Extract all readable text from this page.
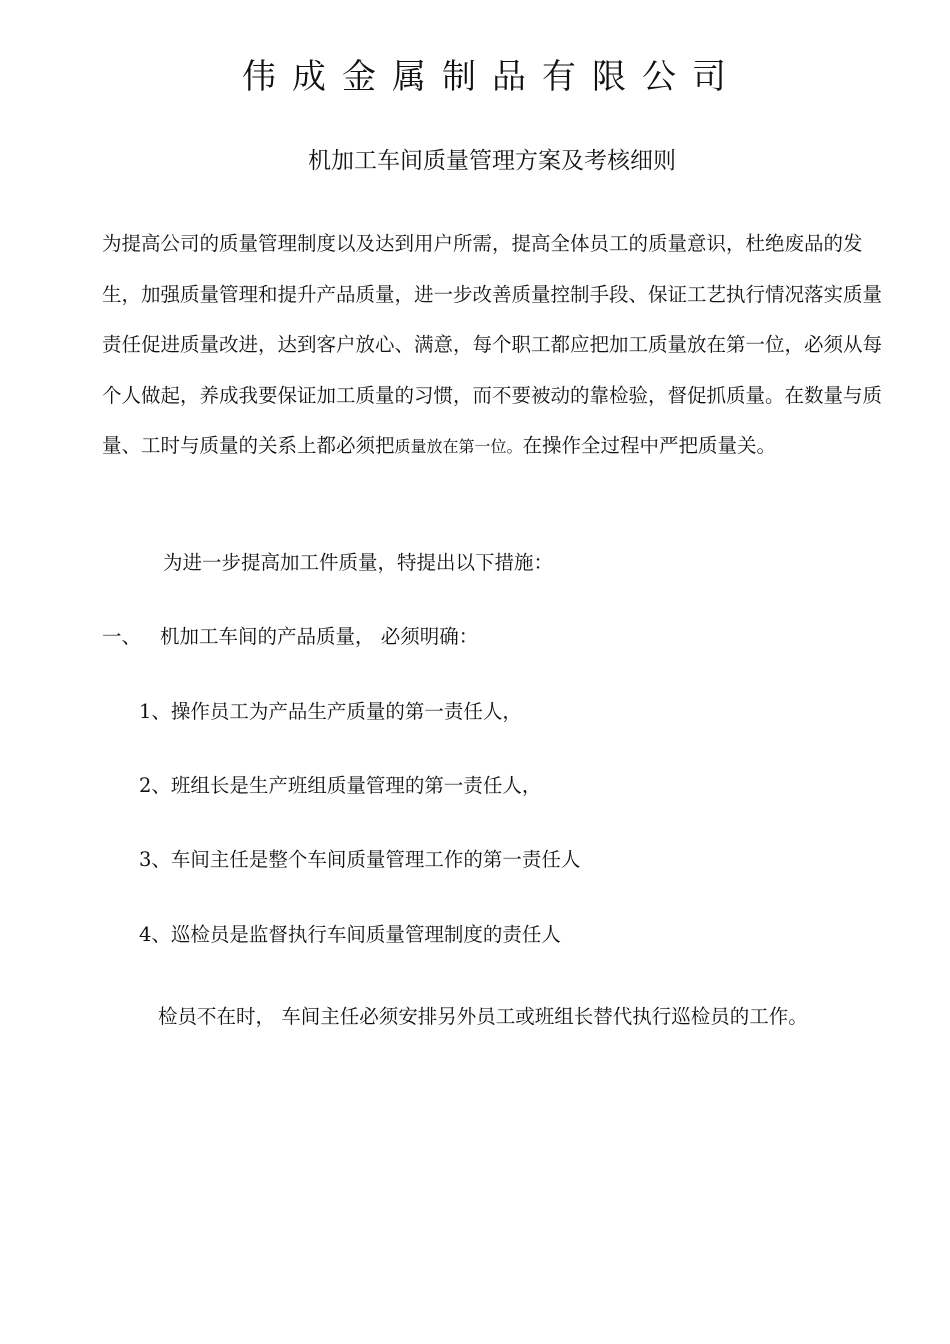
伟成金属制品有限公司
机加工车间质量管理方案及考核细则
为提高公司的质量管理制度以及达到用户所需，提高全体员工的质量意识，杜绝废品的发生，加强质量管理和提升产品质量，进一步改善质量控制手段、保证工艺执行情况落实质量责任促进质量改进，达到客户放心、满意，每个职工都应把加工质量放在第一位，必须从每个人做起，养成我要保证加工质量的习惯，而不要被动的靠检验，督促抓质量。在数量与质量、工时与质量的关系上都必须把质量放在第一位。在操作全过程中严把质量关。
为进一步提高加工件质量，特提出以下措施：
一、 机加工车间的产品质量， 必须明确：
1、操作员工为产品生产质量的第一责任人，
2、班组长是生产班组质量管理的第一责任人，
3、车间主任是整个车间质量管理工作的第一责任人
4、巡检员是监督执行车间质量管理制度的责任人
检员不在时， 车间主任必须安排另外员工或班组长替代执行巡检员的工作。
